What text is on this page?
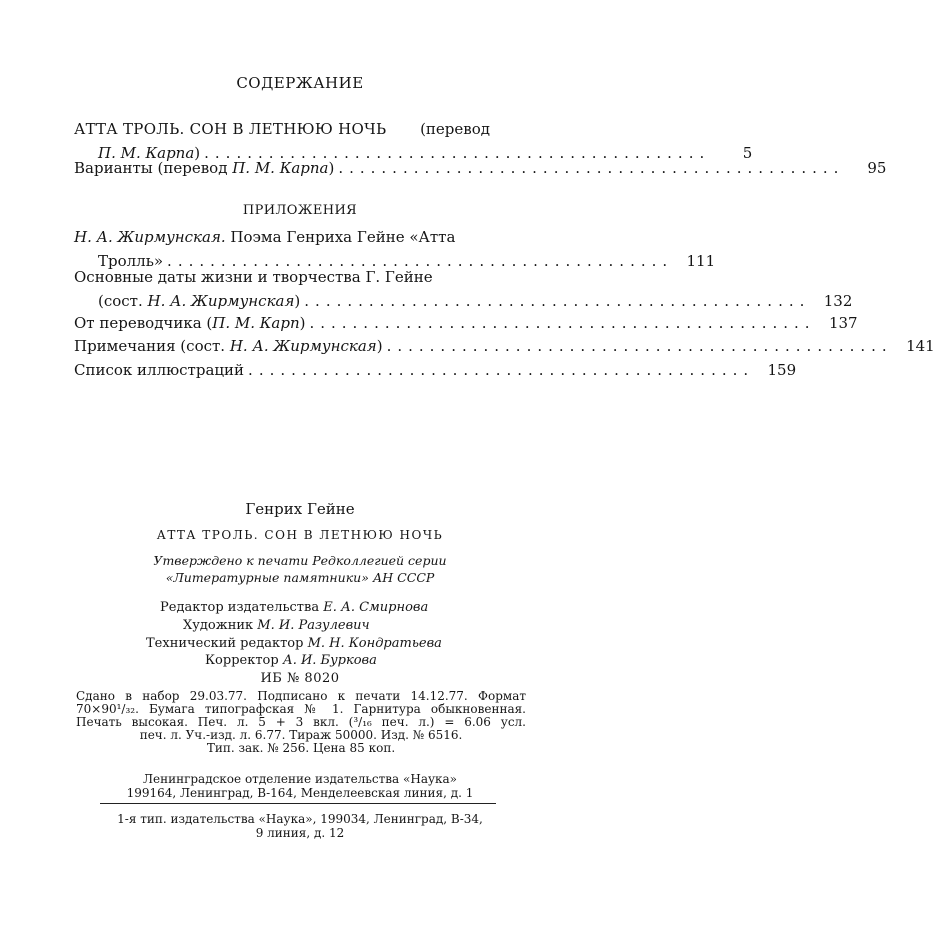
СОДЕРЖАНИЕ
АТТА ТРОЛЬ. СОН В ЛЕТНЮЮ НОЧЬ (перевод
П. М. Карпа) ...............................................	5
Варианты (перевод П. М. Карпа) ...............................................	95
ПРИЛОЖЕНИЯ
Н. А. Жирмунская. Поэма Генриха Гейне «Атта
Тролль» ............................................... 111
Основные даты жизни и творчества Г. Гейне
(сост. Н. А. Жирмунская) ............................................... 132
От переводчика (П. М. Карп) ............................................... 137
Примечания (сост. Н. А. Жирмунская) ............................................... 141
Список иллюстраций ............................................... 159
Генрих Гейне
АТТА ТРОЛЬ. СОН В ЛЕТНЮЮ НОЧЬ
Утверждено к печати Редколлегией серии
«Литературные памятники» АН СССР
Редактор издательства Е. А. Смирнова
Художник М. И. Разулевич
Технический редактор М. Н. Кондратьева
Корректор А. И. Буркова
ИБ № 8020
Сдано в набор 29.03.77. Подписано к печати 14.12.77. Формат
70×90¹/₃₂. Бумага типографская № 1. Гарнитура обыкновенная.
Печать высокая. Печ. л. 5 + 3 вкл. (³/₁₆ печ. л.) = 6.06 усл.
печ. л. Уч.-изд. л. 6.77. Тираж 50000. Изд. № 6516.
Тип. зак. № 256. Цена 85 коп.
Ленинградское отделение издательства «Наука»
199164, Ленинград, В-164, Менделеевская линия, д. 1
1-я тип. издательства «Наука», 199034, Ленинград, В-34,
9 линия, д. 12
